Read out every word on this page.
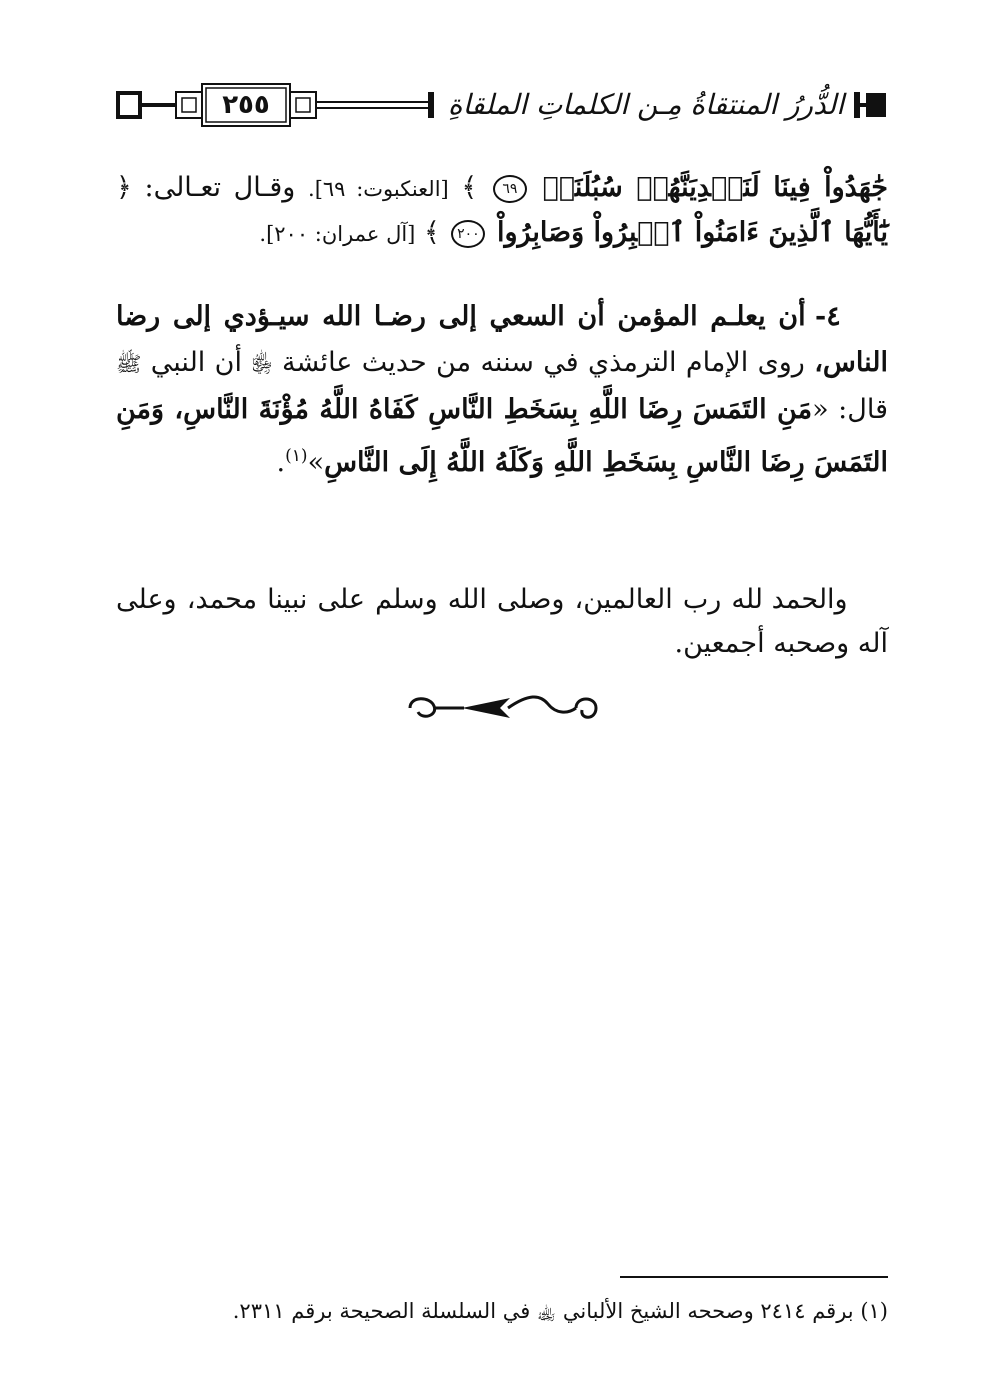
٢٥٥	الدُّررُ المنتقاةُ مِـن الكلماتِ الملقاةِ
جَٰهَدُواْ فِينَا لَنَهۡدِيَنَّهُمۡ سُبُلَنَاۚ ٦٩ ﴾ [العنكبوت: ٦٩]. وقـال تعـالى: ﴿ يَٰٓأَيُّهَا ٱلَّذِينَ ءَامَنُواْ ٱصۡبِرُواْ وَصَابِرُواْ ٢٠٠ ﴾ [آل عمران: ٢٠٠].
٤- أن يعلـم المؤمن أن السعي إلى رضـا الله سيـؤدي إلى رضا الناس، روى الإمام الترمذي في سننه من حديث عائشة ﵂ أن النبي ﷺ قال: «مَنِ التَمَسَ رِضَا اللَّهِ بِسَخَطِ النَّاسِ كَفَاهُ اللَّهُ مُؤْنَةَ النَّاسِ، وَمَنِ التَمَسَ رِضَا النَّاسِ بِسَخَطِ اللَّهِ وَكَلَهُ اللَّهُ إِلَى النَّاسِ»$^{(١)}$.
والحمد لله رب العالمين، وصلى الله وسلم على نبينا محمد، وعلى آله وصحبه أجمعين.
(١) برقم ٢٤١٤ وصححه الشيخ الألباني ﵀ في السلسلة الصحيحة برقم ٢٣١١.
